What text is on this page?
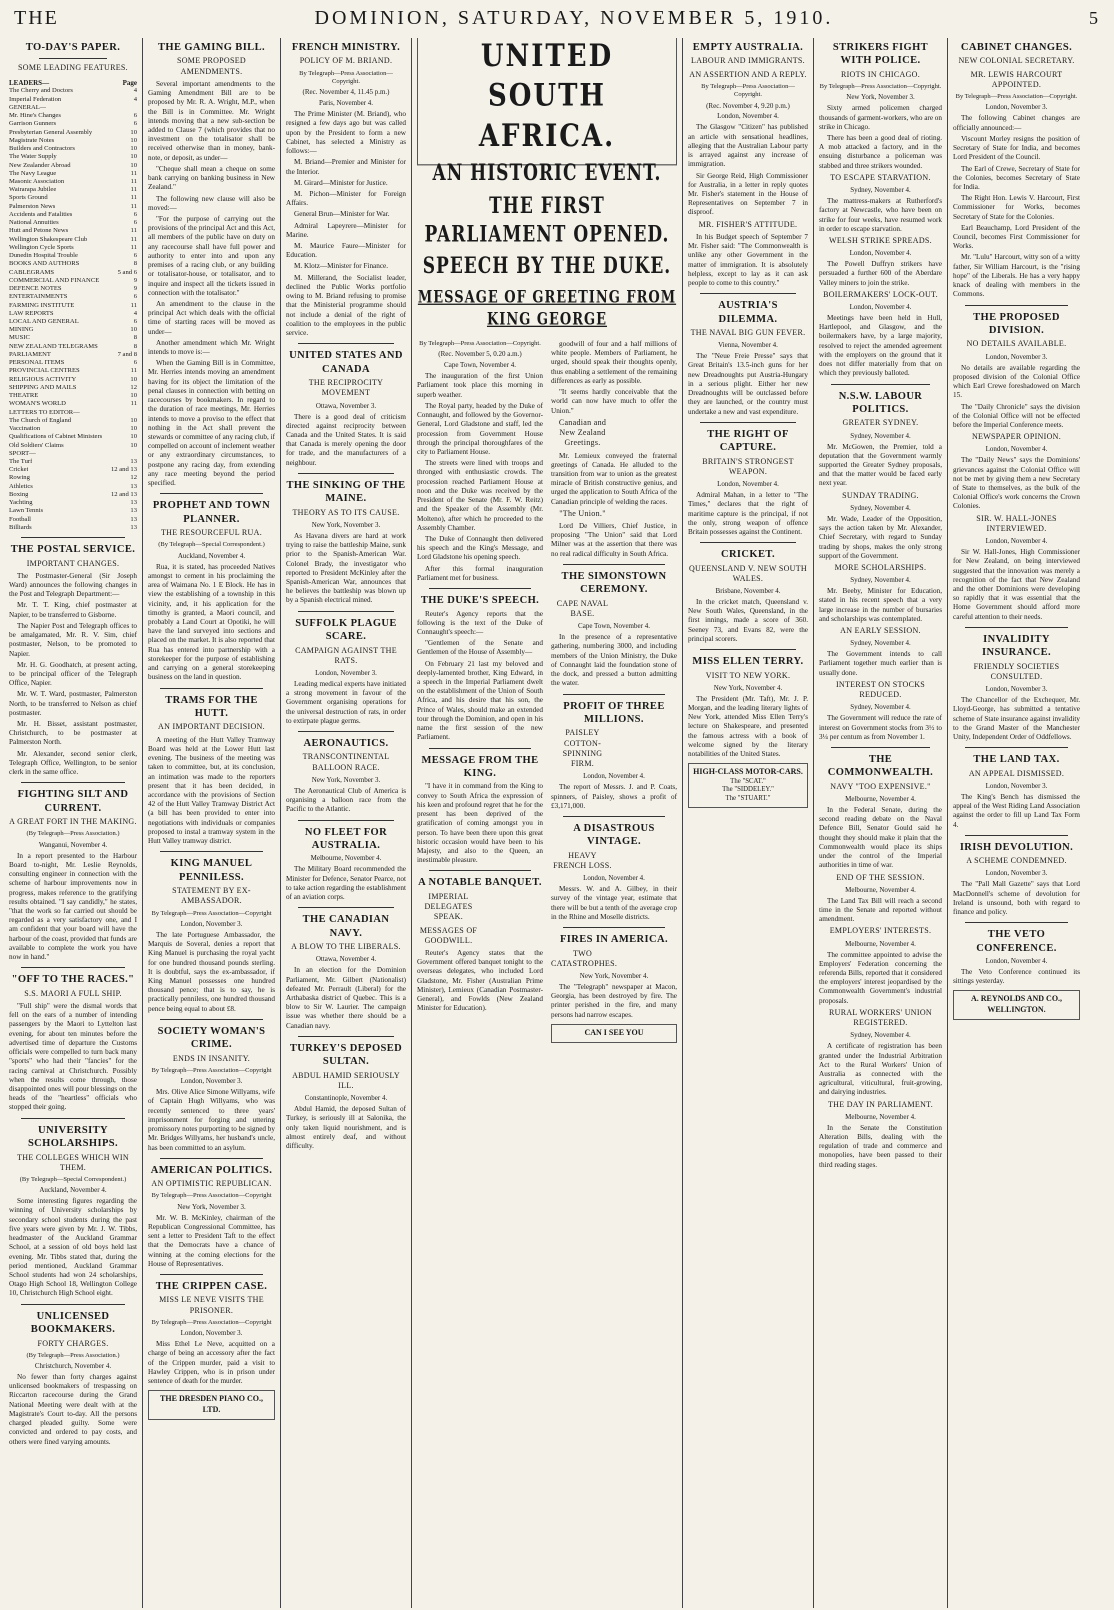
THE	DOMINION, SATURDAY, NOVEMBER 5, 1910.	5
TO-DAY'S PAPER.
SOME LEADING FEATURES.
LEADERS—	Page
The Cherry and Doctors	4
Imperial Federation	4
GENERAL—
Mr. Hine's Changes	6
Garrison Gunners	6
Presbyterian General Assembly	10
Magistrate Notes	10
Builders and Contractors	10
The Water Supply	10
New Zealander Abroad	10
The Navy League	11
Masonic Association	11
Wairarapa Jubilee	11
Sports Ground	11
Palmerston News	11
Accidents and Fatalities	6
National Annuities	6
Hutt and Petone News	11
Wellington Shakespeare Club	11
Wellington Cycle Sports	11
Dunedin Hospital Trouble	6
BOOKS AND AUTHORS	8
CABLEGRAMS	5 and 6
COMMERCIAL AND FINANCE	9
DEFENCE NOTES	9
ENTERTAINMENTS	6
FARMING INSTITUTE	11
LAW REPORTS	4
LOCAL AND GENERAL	6
MINING	10
MUSIC	8
NEW ZEALAND TELEGRAMS	8
PARLIAMENT	7 and 8
PERSONAL ITEMS	6
PROVINCIAL CENTRES	11
RELIGIOUS ACTIVITY	10
SHIPPING AND MAILS	12
THEATRE	10
WOMAN'S WORLD	11
LETTERS TO EDITOR—
The Church of England	10
Vaccination	10
Qualifications of Cabinet Ministers	10
Old Soldiers' Claims	10
SPORT—
The Turf	13
Cricket	12 and 13
Rowing	12
Athletics	13
Boxing	12 and 13
Yachting	13
Lawn Tennis	13
Football	13
Billiards	13
THE POSTAL SERVICE.
IMPORTANT CHANGES.

The Postmaster-General (Sir Joseph Ward) announces the following changes in the Post and Telegraph Department:—

Mr. T. T. King, chief postmaster at Napier, to be transferred to Gisborne.

The Napier Post and Telegraph offices to be amalgamated, Mr. R. V. Sim, chief postmaster, Nelson, to be promoted to Napier.

Mr. H. G. Goodhatch, at present acting, to be principal officer of the Telegraph Office, Napier.

Mr. W. T. Ward, postmaster, Palmerston North, to be transferred to Nelson as chief postmaster.

Mr. H. Bisset, assistant postmaster, Christchurch, to be postmaster at Palmerston North.

Mr. Alexander, second senior clerk, Telegraph Office, Wellington, to be senior clerk in the same office.

FIGHTING SILT AND CURRENT.
A GREAT FORT IN THE MAKING.
(By Telegraph—Press Association.)
Wanganui, November 4.

In a report presented to the Harbour Board to-night, Mr. Leslie Reynolds, consulting engineer in connection with the scheme of harbour improvements now in progress, makes reference to the gratifying results obtained. "I say candidly," he states, "that the work so far carried out should be regarded as a very satisfactory one, and I am confident that your board will have the harbour of the coast, provided that funds are available to complete the work you have now in hand."

"OFF TO THE RACES."
S.S. MAORI A FULL SHIP.

"Full ship" were the dismal words that fell on the ears of a number of intending passengers by the Maori to Lyttelton last evening, for about ten minutes before the advertised time of departure the Customs officials were compelled to turn back many "sports" who had their "fancies" for the racing carnival at Christchurch. Possibly when the results come through, those disappointed ones will pour blessings on the heads of the "heartless" officials who stopped their going.

UNIVERSITY SCHOLARSHIPS.
THE COLLEGES WHICH WIN THEM.
(By Telegraph—Special Correspondent.)
Auckland, November 4.

Some interesting figures regarding the winning of University scholarships by secondary school students during the past five years were given by Mr. J. W. Tibbs, headmaster of the Auckland Grammar School, at a session of old boys held last evening. Mr. Tibbs stated that, during the period mentioned, Auckland Grammar School students had won 24 scholarships, Otago High School 18, Wellington College 10, Christchurch High School eight.

UNLICENSED BOOKMAKERS.
FORTY CHARGES.
(By Telegraph—Press Association.)
Christchurch, November 4.

No fewer than forty charges against unlicensed bookmakers of trespassing on Riccarton racecourse during the Grand National Meeting were dealt with at the Magistrate's Court to-day. All the persons charged pleaded guilty. Some were convicted and ordered to pay costs, and others were fined varying amounts.

THE GAMING BILL.
SOME PROPOSED AMENDMENTS.

Several important amendments to the Gaming Amendment Bill are to be proposed by Mr. R. A. Wright, M.P., when the Bill is in Committee. Mr. Wright intends moving that a new sub-section be added to Clause 7 (which provides that no investment on the totalisator shall be received otherwise than in money, bank-note, or deposit, as under—

"Cheque shall mean a cheque on some bank carrying on banking business in New Zealand."

The following new clause will also be moved:—

"For the purpose of carrying out the provisions of the principal Act and this Act, all members of the public have on duty on any racecourse shall have full power and authority to enter into and upon any premises of a racing club, or any building or totalisator-house, or totalisator, and to inquire and inspect all the tickets issued in connection with the totalisator."

An amendment to the clause in the principal Act which deals with the official time of starting races will be moved as under—

Another amendment which Mr. Wright intends to move is:—

When the Gaming Bill is in Committee, Mr. Herries intends moving an amendment having for its object the limitation of the penal clauses in connection with betting on racecourses by bookmakers. In regard to the duration of race meetings, Mr. Herries intends to move a proviso to the effect that nothing in the Act shall prevent the stewards or committee of any racing club, if compelled on account of inclement weather or any extraordinary circumstances, to postpone any racing day, from extending any race meeting beyond the period specified.

PROPHET AND TOWN PLANNER.
THE RESOURCEFUL RUA.
(By Telegraph—Special Correspondent.)
Auckland, November 4.

Rua, it is stated, has proceeded Natives amongst to cement in his proclaiming the area of Waimana No. 1 E Block. He has in view the establishing of a township in this vicinity, and, it his application for the timothy is granted, a Maori council, and probably a Land Court at Opotiki, he will have the land surveyed into sections and placed on the market. It is also reported that Rua has entered into partnership with a storekeeper for the purpose of establishing and carrying on a general storekeeping business on the land in question.

TRAMS FOR THE HUTT.
AN IMPORTANT DECISION.

A meeting of the Hutt Valley Tramway Board was held at the Lower Hutt last evening. The business of the meeting was taken to committee, but, at its conclusion, an intimation was made to the reporters present that it has been decided, in accordance with the provisions of Section 42 of the Hutt Valley Tramway District Act (a bill has been provided to enter into negotiations with individuals or companies proposed to instal a tramway system in the Hutt Valley tramway district.

KING MANUEL PENNILESS.
STATEMENT BY EX-AMBASSADOR.
By Telegraph—Press Association—Copyright
London, November 3.

The late Portuguese Ambassador, the Marquis de Soveral, denies a report that King Manuel is purchasing the royal yacht for one hundred thousand pounds sterling. It is doubtful, says the ex-ambassador, if King Manuel possesses one hundred thousand pence; that is to say, he is practically penniless, one hundred thousand pence being equal to about £8.

SOCIETY WOMAN'S CRIME.
ENDS IN INSANITY.
By Telegraph—Press Association—Copyright
London, November 3.

Mrs. Olive Alice Simone Willyams, wife of Captain Hugh Willyams, who was recently sentenced to three years' imprisonment for forging and uttering promissory notes purporting to be signed by Mr. Bridges Willyams, her husband's uncle, has been committed to an asylum.

AMERICAN POLITICS.
AN OPTIMISTIC REPUBLICAN.
By Telegraph—Press Association—Copyright
New York, November 3.

Mr. W. B. McKinley, chairman of the Republican Congressional Committee, has sent a letter to President Taft to the effect that the Democrats have a chance of winning at the coming elections for the House of Representatives.

THE CRIPPEN CASE.
MISS LE NEVE VISITS THE PRISONER.
By Telegraph—Press Association—Copyright
London, November 3.

Miss Ethel Le Neve, acquitted on a charge of being an accessory after the fact of the Crippen murder, paid a visit to Hawley Crippen, who is in prison under sentence of death for the murder.

THE DRESDEN PIANO CO., LTD.
FRENCH MINISTRY.
POLICY OF M. BRIAND.
By Telegraph—Press Association—Copyright.
(Rec. November 4, 11.45 p.m.)
Paris, November 4.

The Prime Minister (M. Briand), who resigned a few days ago but was called upon by the President to form a new Cabinet, has selected a Ministry as follows:—

M. Briand—Premier and Minister for the Interior.

M. Girard—Minister for Justice.

M. Pichon—Minister for Foreign Affairs.

General Brun—Minister for War.

Admiral Lapeyrere—Minister for Marine.

M. Maurice Faure—Minister for Education.

M. Klotz—Minister for Finance.

M. Millerand, the Socialist leader, declined the Public Works portfolio owing to M. Briand refusing to promise that the Ministerial programme should not include a denial of the right of coalition to the employees in the public service.

UNITED STATES AND CANADA
THE RECIPROCITY MOVEMENT
Ottawa, November 3.

There is a good deal of criticism directed against reciprocity between Canada and the United States. It is said that Canada is merely opening the door for trade, and the manufacturers of a neighbour.

THE SINKING OF THE MAINE.
THEORY AS TO ITS CAUSE.
New York, November 3.

As Havana divers are hard at work trying to raise the battleship Maine, sunk prior to the Spanish-American War. Colonel Brady, the investigator who reported to President McKinley after the Spanish-American War, announces that he believes the battleship was blown up by a Spanish electrical mined.

SUFFOLK PLAGUE SCARE.
CAMPAIGN AGAINST THE RATS.
London, November 3.

Leading medical experts have initiated a strong movement in favour of the Government organising operations for the universal destruction of rats, in order to extirpate plague germs.

AERONAUTICS.
TRANSCONTINENTAL BALLOON RACE.
New York, November 3.

The Aeronautical Club of America is organising a balloon race from the Pacific to the Atlantic.

NO FLEET FOR AUSTRALIA.
Melbourne, November 4.

The Military Board recommended the Minister for Defence, Senator Pearce, not to take action regarding the establishment of an aviation corps.

THE CANADIAN NAVY.
A BLOW TO THE LIBERALS.
Ottawa, November 4.

In an election for the Dominion Parliament, Mr. Gilbert (Nationalist) defeated Mr. Perrault (Liberal) for the Arthabaska district of Quebec. This is a blow to Sir W. Laurier. The campaign issue was whether there should be a Canadian navy.

TURKEY'S DEPOSED SULTAN.
ABDUL HAMID SERIOUSLY ILL.
Constantinople, November 4.

Abdul Hamid, the deposed Sultan of Turkey, is seriously ill at Salonika, the only taken liquid nourishment, and is almost entirely deaf, and without difficulty.

UNITED SOUTH AFRICA.
AN HISTORIC EVENT.
THE FIRST PARLIAMENT OPENED.
SPEECH BY THE DUKE.
MESSAGE OF GREETING FROM KING GEORGE
By Telegraph—Press Association—Copyright.
(Rec. November 5, 0.20 a.m.)
Cape Town, November 4.

The inauguration of the first Union Parliament took place this morning in superb weather.

The Royal party, headed by the Duke of Connaught, and followed by the Governor-General, Lord Gladstone and staff, led the procession from Government House through the principal thoroughfares of the city to Parliament House.

The streets were lined with troops and thronged with enthusiastic crowds. The procession reached Parliament House at noon and the Duke was received by the President of the Senate (Mr. F. W. Reitz) and the Speaker of the Assembly (Mr. Molteno), after which he proceeded to the Assembly Chamber.

The Duke of Connaught then delivered his speech and the King's Message, and Lord Gladstone his opening speech.

After this formal inauguration Parliament met for business.

THE DUKE'S SPEECH.

Reuter's Agency reports that the following is the text of the Duke of Connaught's speech:—

"Gentlemen of the Senate and Gentlemen of the House of Assembly—

On February 21 last my beloved and deeply-lamented brother, King Edward, in a speech in the Imperial Parliament dwelt on the establishment of the Union of South Africa, and his desire that his son, the Prince of Wales, should make an extended tour through the Dominion, and open in his name the first session of the new Parliament.

MESSAGE FROM THE KING.

"I have it in command from the King to convey to South Africa the expression of his keen and profound regret that he for the present has been deprived of the gratification of coming amongst you in person. To have been there upon this great historic occasion would have been to his Majesty, and also to the Queen, an inestimable pleasure.

A NOTABLE BANQUET.
IMPERIAL DELEGATES SPEAK.
MESSAGES OF GOODWILL.

Reuter's Agency states that the Government offered banquet tonight to the overseas delegates, who included Lord Gladstone, Mr. Fisher (Australian Prime Minister), Lemieux (Canadian Postmaster-General), and Fowlds (New Zealand Minister for Education).

goodwill of four and a half millions of white people. Members of Parliament, he urged, should speak their thoughts openly, thus enabling a settlement of the remaining differences as early as possible.

"It seems hardly conceivable that the world can now have much to offer the Union."

Canadian and New Zealand Greetings.

Mr. Lemieux conveyed the fraternal greetings of Canada. He alluded to the transition from war to union as the greatest miracle of British constructive genius, and urged the application to South Africa of the Canadian principle of welding the races.

"The Union."

Lord De Villiers, Chief Justice, in proposing "The Union" said that Lord Milner was at the assertion that there was no real radical difficulty in South Africa.

THE SIMONSTOWN CEREMONY.
CAPE NAVAL BASE.
Cape Town, November 4.

In the presence of a representative gathering, numbering 3000, and including members of the Union Ministry, the Duke of Connaught laid the foundation stone of the dock, and pressed a button admitting the water.

PROFIT OF THREE MILLIONS.
PAISLEY COTTON-SPINNING FIRM.
London, November 4.

The report of Messrs. J. and P. Coats, spinners, of Paisley, shows a profit of £3,171,000.

A DISASTROUS VINTAGE.
HEAVY FRENCH LOSS.
London, November 4.

Messrs. W. and A. Gilbey, in their survey of the vintage year, estimate that there will be but a tenth of the average crop in the Rhine and Moselle districts.

FIRES IN AMERICA.
TWO CATASTROPHES.
New York, November 4.

The "Telegraph" newspaper at Macon, Georgia, has been destroyed by fire. The printer perished in the fire, and many persons had narrow escapes.

CAN I SEE YOU
EMPTY AUSTRALIA.
LABOUR AND IMMIGRANTS.
AN ASSERTION AND A REPLY.
By Telegraph—Press Association—Copyright.
(Rec. November 4, 9.20 p.m.)
London, November 4.

The Glasgow "Citizen" has published an article with sensational headlines, alleging that the Australian Labour party is arrayed against any increase of immigration.

Sir George Reid, High Commissioner for Australia, in a letter in reply quotes Mr. Fisher's statement in the House of Representatives on September 7 in disproof.

MR. FISHER'S ATTITUDE.

In his Budget speech of September 7 Mr. Fisher said: "The Commonwealth is unlike any other Government in the matter of immigration. It is absolutely helpless, except to lay as it can ask people to come to this country."

AUSTRIA'S DILEMMA.
THE NAVAL BIG GUN FEVER.
Vienna, November 4.

The "Neue Freie Presse" says that Great Britain's 13.5-inch guns for her new Dreadnoughts put Austria-Hungary in a serious plight. Either her new Dreadnoughts will be outclassed before they are launched, or the country must undertake a new and vast expenditure.

THE RIGHT OF CAPTURE.
BRITAIN'S STRONGEST WEAPON.
London, November 4.

Admiral Mahan, in a letter to "The Times," declares that the right of maritime capture is the principal, if not the only, strong weapon of offence Britain possesses against the Continent.

CRICKET.
QUEENSLAND V. NEW SOUTH WALES.
Brisbane, November 4.

In the cricket match, Queensland v. New South Wales, Queensland, in the first innings, made a score of 360. Seeney 73, and Evans 82, were the principal scorers.

MISS ELLEN TERRY.
VISIT TO NEW YORK.
New York, November 4.

The President (Mr. Taft), Mr. J. P. Morgan, and the leading literary lights of New York, attended Miss Ellen Terry's lecture on Shakespeare, and presented the famous actress with a book of welcome signed by the literary notabilities of the United States.

HIGH-CLASS MOTOR-CARS.
The "SCAT."
The "SIDDELEY."
The "STUART."
STRIKERS FIGHT WITH POLICE.
RIOTS IN CHICAGO.
By Telegraph—Press Association—Copyright.
New York, November 3.

Sixty armed policemen charged thousands of garment-workers, who are on strike in Chicago.

There has been a good deal of rioting. A mob attacked a factory, and in the ensuing disturbance a policeman was stabbed and three strikers wounded.

TO ESCAPE STARVATION.
Sydney, November 4.

The mattress-makers at Rutherford's factory at Newcastle, who have been on strike for four weeks, have resumed work in order to escape starvation.

WELSH STRIKE SPREADS.
London, November 4.

The Powell Duffryn strikers have persuaded a further 600 of the Aberdare Valley miners to join the strike.

BOILERMAKERS' LOCK-OUT.
London, November 4.

Meetings have been held in Hull, Hartlepool, and Glasgow, and the boilermakers have, by a large majority, resolved to reject the amended agreement with the employers on the ground that it does not differ materially from that on which they previously balloted.

N.S.W. LABOUR POLITICS.
GREATER SYDNEY.
Sydney, November 4.

Mr. McGowen, the Premier, told a deputation that the Government warmly supported the Greater Sydney proposals, and that the matter would be faced early next year.

SUNDAY TRADING.
Sydney, November 4.

Mr. Wade, Leader of the Opposition, says the action taken by Mr. Alexander, Chief Secretary, with regard to Sunday trading by shops, makes the only strong support of the Government.

MORE SCHOLARSHIPS.
Sydney, November 4.

Mr. Beeby, Minister for Education, stated in his recent speech that a very large increase in the number of bursaries and scholarships was contemplated.

AN EARLY SESSION.
Sydney, November 4.

The Government intends to call Parliament together much earlier than is usually done.

INTEREST ON STOCKS REDUCED.
Sydney, November 4.

The Government will reduce the rate of interest on Government stocks from 3½ to 3¼ per centum as from November 1.

THE COMMONWEALTH.
NAVY "TOO EXPENSIVE."
Melbourne, November 4.

In the Federal Senate, during the second reading debate on the Naval Defence Bill, Senator Gould said he thought they should make it plain that the Commonwealth would place its ships under the control of the Imperial authorities in time of war.

END OF THE SESSION.
Melbourne, November 4.

The Land Tax Bill will reach a second time in the Senate and reported without amendment.

EMPLOYERS' INTERESTS.
Melbourne, November 4.

The committee appointed to advise the Employers' Federation concerning the referenda Bills, reported that it considered the employers' interest jeopardised by the Commonwealth Government's industrial proposals.

RURAL WORKERS' UNION REGISTERED.
Sydney, November 4.

A certificate of registration has been granted under the Industrial Arbitration Act to the Rural Workers' Union of Australia as connected with the agricultural, viticultural, fruit-growing, and dairying industries.

THE DAY IN PARLIAMENT.
Melbourne, November 4.

In the Senate the Constitution Alteration Bills, dealing with the regulation of trade and commerce and monopolies, have been passed to their third reading stages.

CABINET CHANGES.
NEW COLONIAL SECRETARY.
MR. LEWIS HARCOURT APPOINTED.
By Telegraph—Press Association—Copyright.
London, November 3.

The following Cabinet changes are officially announced:—

Viscount Morley resigns the position of Secretary of State for India, and becomes Lord President of the Council.

The Earl of Crewe, Secretary of State for the Colonies, becomes Secretary of State for India.

The Right Hon. Lewis V. Harcourt, First Commissioner for Works, becomes Secretary of State for the Colonies.

Earl Beauchamp, Lord President of the Council, becomes First Commissioner for Works.

Mr. "Lulu" Harcourt, witty son of a witty father, Sir William Harcourt, is the "rising hope" of the Liberals. He has a very happy knack of dealing with members in the Commons.

THE PROPOSED DIVISION.
NO DETAILS AVAILABLE.
London, November 3.

No details are available regarding the proposed division of the Colonial Office which Earl Crewe foreshadowed on March 15.

The "Daily Chronicle" says the division of the Colonial Office will not be effected before the Imperial Conference meets.

NEWSPAPER OPINION.
London, November 4.

The "Daily News" says the Dominions' grievances against the Colonial Office will not be met by giving them a new Secretary of State to themselves, as the bulk of the Colonial Office's work concerns the Crown Colonies.

SIR. W. HALL-JONES INTERVIEWED.
London, November 4.

Sir W. Hall-Jones, High Commissioner for New Zealand, on being interviewed suggested that the innovation was merely a recognition of the fact that New Zealand and the other Dominions were developing so rapidly that it was essential that the Home Government should afford more careful attention to their needs.

INVALIDITY INSURANCE.
FRIENDLY SOCIETIES CONSULTED.
London, November 3.

The Chancellor of the Exchequer, Mr. Lloyd-George, has submitted a tentative scheme of State insurance against invalidity to the Grand Master of the Manchester Unity, Independent Order of Oddfellows.

THE LAND TAX.
AN APPEAL DISMISSED.
London, November 3.

The King's Bench has dismissed the appeal of the West Riding Land Association against the order to fill up Land Tax Form 4.

IRISH DEVOLUTION.
A SCHEME CONDEMNED.
London, November 3.

The "Pall Mall Gazette" says that Lord MacDonnell's scheme of devolution for Ireland is unsound, both with regard to finance and policy.

THE VETO CONFERENCE.
London, November 4.

The Veto Conference continued its sittings yesterday.

A. REYNOLDS AND CO., WELLINGTON.
